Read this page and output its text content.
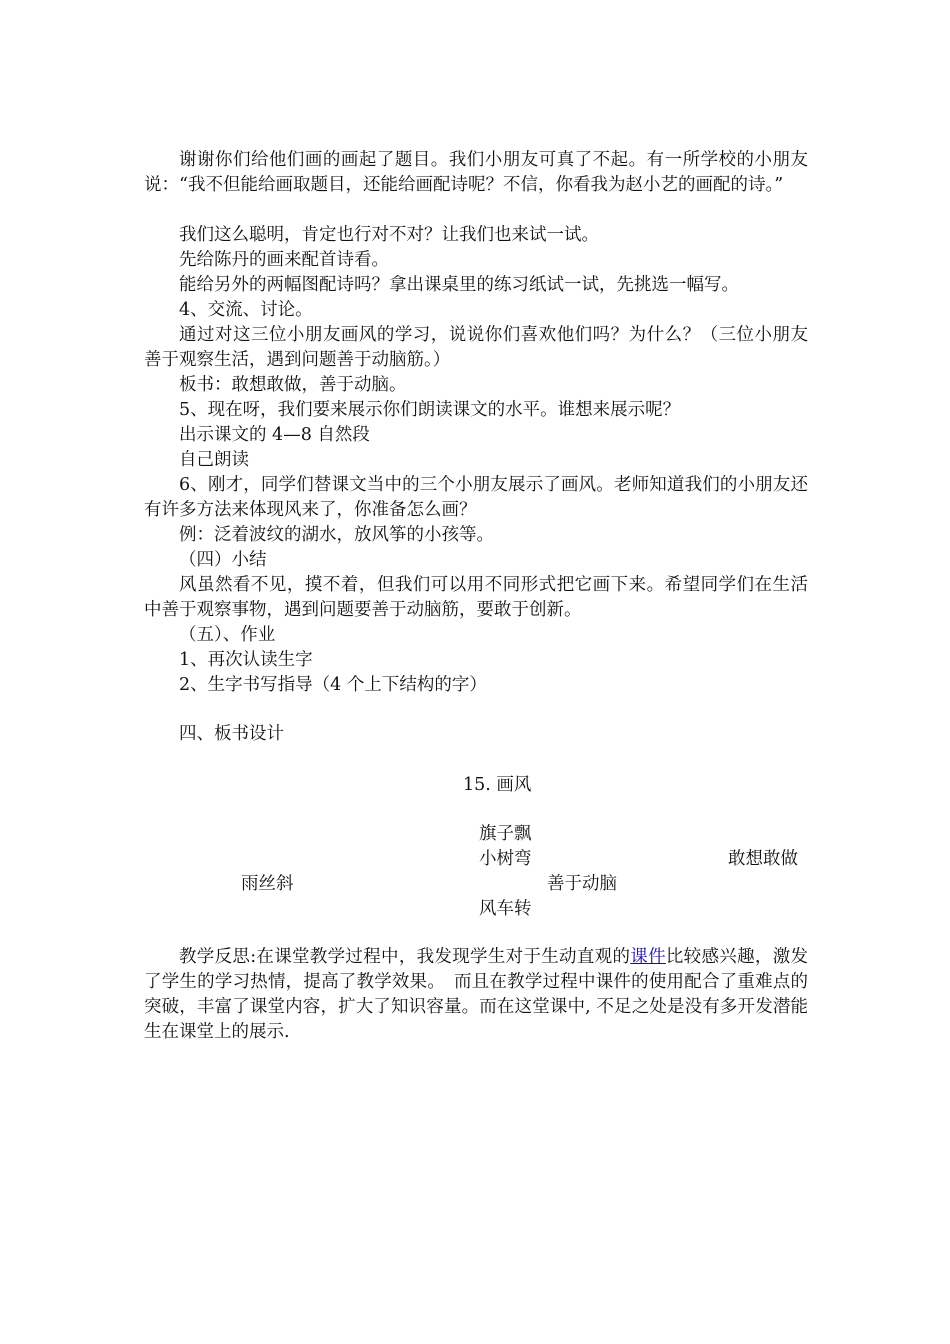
谢谢你们给他们画的画起了题目。我们小朋友可真了不起。有一所学校的小朋友说：“我不但能给画取题目，还能给画配诗呢？不信，你看我为赵小艺的画配的诗。”

我们这么聪明，肯定也行对不对？让我们也来试一试。
先给陈丹的画来配首诗看。
能给另外的两幅图配诗吗？拿出课桌里的练习纸试一试，先挑选一幅写。
4、交流、讨论。

通过对这三位小朋友画风的学习，说说你们喜欢他们吗？为什么？（三位小朋友善于观察生活，遇到问题善于动脑筋。）

板书：敢想敢做，善于动脑。
5、现在呀，我们要来展示你们朗读课文的水平。谁想来展示呢？
出示课文的 4—8 自然段
自己朗读

6、刚才，同学们替课文当中的三个小朋友展示了画风。老师知道我们的小朋友还有许多方法来体现风来了，你准备怎么画？

例：泛着波纹的湖水，放风筝的小孩等。
（四）小结

风虽然看不见，摸不着，但我们可以用不同形式把它画下来。希望同学们在生活中善于观察事物，遇到问题要善于动脑筋，要敢于创新。

（五）、作业
1、再次认读生字
2、生字书写指导（4 个上下结构的字）
四、板书设计
15. 画风
旗子飘
小树弯	敢想敢做
雨丝斜	善于动脑
风车转

教学反思:在课堂教学过程中，我发现学生对于生动直观的课件比较感兴趣，激发了学生的学习热情，提高了教学效果。　而且在教学过程中课件的使用配合了重难点的突破，丰富了课堂内容，扩大了知识容量。而在这堂课中, 不足之处是没有多开发潜能生在课堂上的展示.
